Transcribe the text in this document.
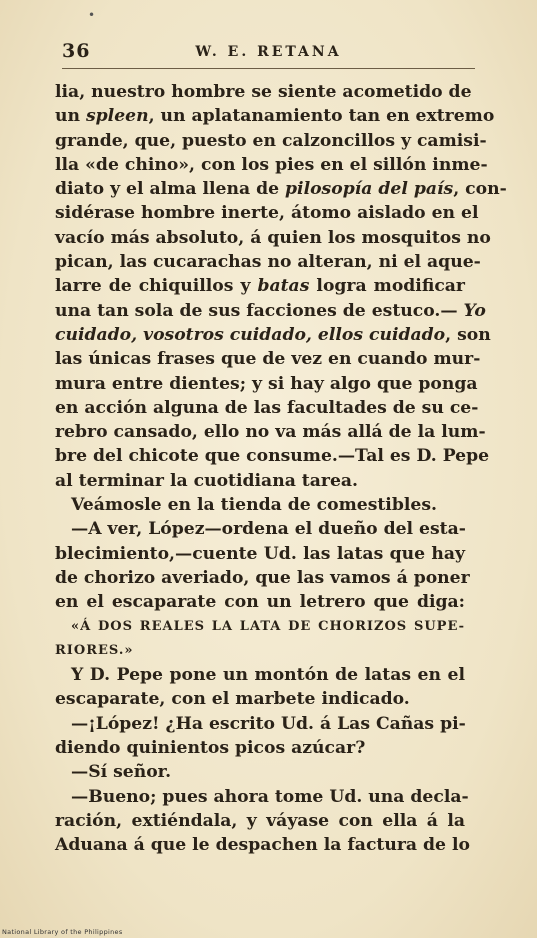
•
36	W. E. RETANA
lia, nuestro hombre se siente acometido de
un spleen, un aplatanamiento tan en extremo
grande, que, puesto en calzoncillos y camisi-
lla «de chino», con los pies en el sillón inme-
diato y el alma llena de pilosopía del país, con-
sidérase hombre inerte, átomo aislado en el
vacío más absoluto, á quien los mosquitos no
pican, las cucarachas no alteran, ni el aque-
larre de chiquillos y batas logra modificar
una tan sola de sus facciones de estuco.— Yo
cuidado, vosotros cuidado, ellos cuidado, son
las únicas frases que de vez en cuando mur-
mura entre dientes; y si hay algo que ponga
en acción alguna de las facultades de su ce-
rebro cansado, ello no va más allá de la lum-
bre del chicote que consume.—Tal es D. Pepe
al terminar la cuotidiana tarea.
Veámosle en la tienda de comestibles.
—A ver, López—ordena el dueño del esta-
blecimiento,—cuente Ud. las latas que hay
de chorizo averiado, que las vamos á poner
en el escaparate con un letrero que diga:
«Á DOS REALES LA LATA DE CHORIZOS SUPE-
RIORES.»
Y D. Pepe pone un montón de latas en el
escaparate, con el marbete indicado.
—¡López! ¿Ha escrito Ud. á Las Cañas pi-
diendo quinientos picos azúcar?
—Sí señor.
—Bueno; pues ahora tome Ud. una decla-
ración, extiéndala, y váyase con ella á la
Aduana á que le despachen la factura de lo
National Library of the Philippines
